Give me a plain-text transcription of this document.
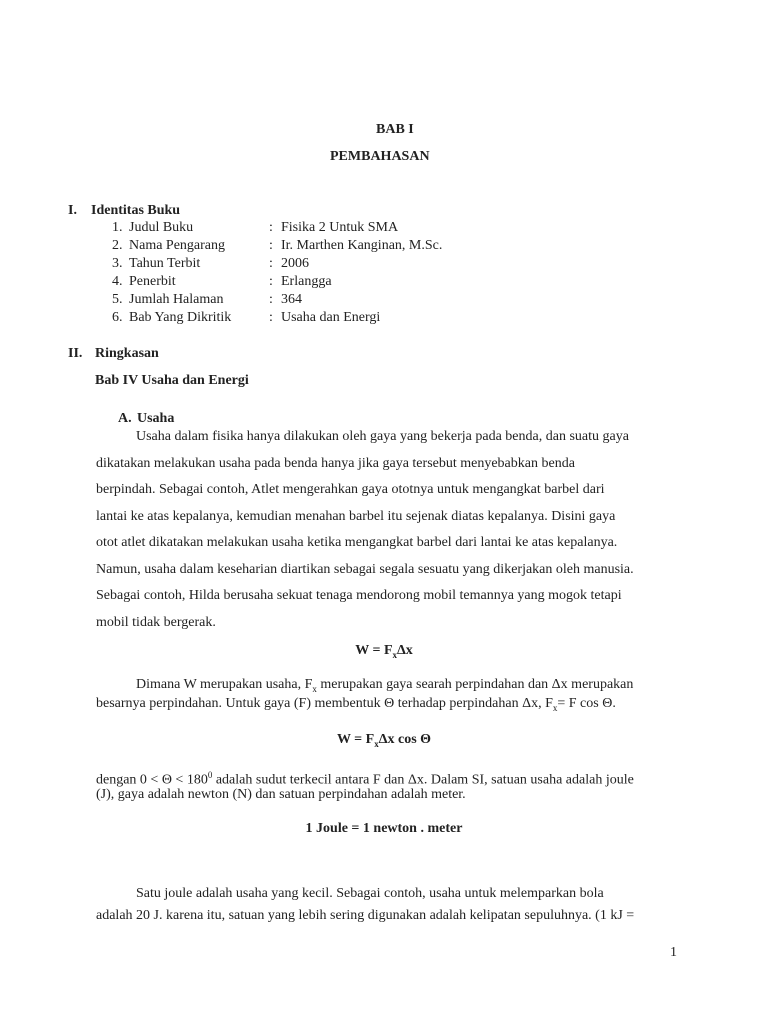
BAB I
PEMBAHASAN
I. Identitas Buku
1. Judul Buku	: Fisika 2 Untuk SMA
2. Nama Pengarang	: Ir. Marthen Kanginan, M.Sc.
3. Tahun Terbit	: 2006
4. Penerbit	: Erlangga
5. Jumlah Halaman	: 364
6. Bab Yang Dikritik	: Usaha dan Energi
II. Ringkasan
Bab IV Usaha dan Energi
A. Usaha
Usaha dalam fisika hanya dilakukan oleh gaya yang bekerja pada benda, dan suatu gaya
dikatakan melakukan usaha pada benda hanya jika gaya tersebut menyebabkan benda
berpindah. Sebagai contoh, Atlet mengerahkan gaya ototnya untuk mengangkat barbel dari
lantai ke atas kepalanya, kemudian menahan barbel itu sejenak diatas kepalanya. Disini gaya
otot atlet dikatakan melakukan usaha ketika mengangkat barbel dari lantai ke atas kepalanya.
Namun, usaha dalam keseharian diartikan sebagai segala sesuatu yang dikerjakan oleh manusia.
Sebagai contoh, Hilda berusaha sekuat tenaga mendorong mobil temannya yang mogok tetapi
mobil tidak bergerak.
$W = F_x\Delta x$
Dimana W merupakan usaha, $F_x$ merupakan gaya searah perpindahan dan Δx merupakan
besarnya perpindahan. Untuk gaya (F) membentuk Θ terhadap perpindahan Δx, $F_x= F$ cos Θ.
$W = F_x\Delta x$ cos Θ
dengan $0 < \Theta < 180^0$ adalah sudut terkecil antara F dan Δx. Dalam SI, satuan usaha adalah joule
(J), gaya adalah newton (N) dan satuan perpindahan adalah meter.
1 Joule = 1 newton . meter
Satu joule adalah usaha yang kecil. Sebagai contoh, usaha untuk melemparkan bola
adalah 20 J. karena itu, satuan yang lebih sering digunakan adalah kelipatan sepuluhnya. (1 kJ =
1
